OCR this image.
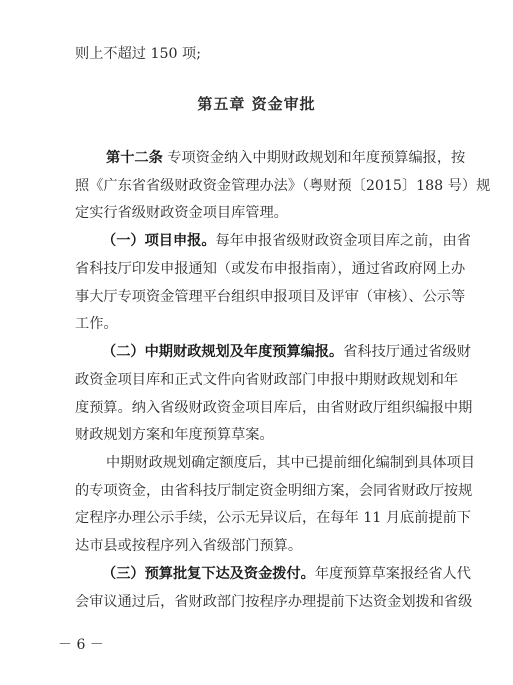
则上不超过 150 项;
第五章 资金审批
第十二条 专项资金纳入中期财政规划和年度预算编报，按
照《广东省省级财政资金管理办法》（粤财预〔2015〕188 号）规
定实行省级财政资金项目库管理。
（一）项目申报。每年申报省级财政资金项目库之前，由省
省科技厅印发申报通知（或发布申报指南），通过省政府网上办
事大厅专项资金管理平台组织申报项目及评审（审核）、公示等
工作。
（二）中期财政规划及年度预算编报。省科技厅通过省级财
政资金项目库和正式文件向省财政部门申报中期财政规划和年
度预算。纳入省级财政资金项目库后，由省财政厅组织编报中期
财政规划方案和年度预算草案。
中期财政规划确定额度后，其中已提前细化编制到具体项目
的专项资金，由省科技厅制定资金明细方案，会同省财政厅按规
定程序办理公示手续，公示无异议后，在每年 11 月底前提前下
达市县或按程序列入省级部门预算。
（三）预算批复下达及资金拨付。年度预算草案报经省人代
会审议通过后，省财政部门按程序办理提前下达资金划拨和省级
－ 6 －
